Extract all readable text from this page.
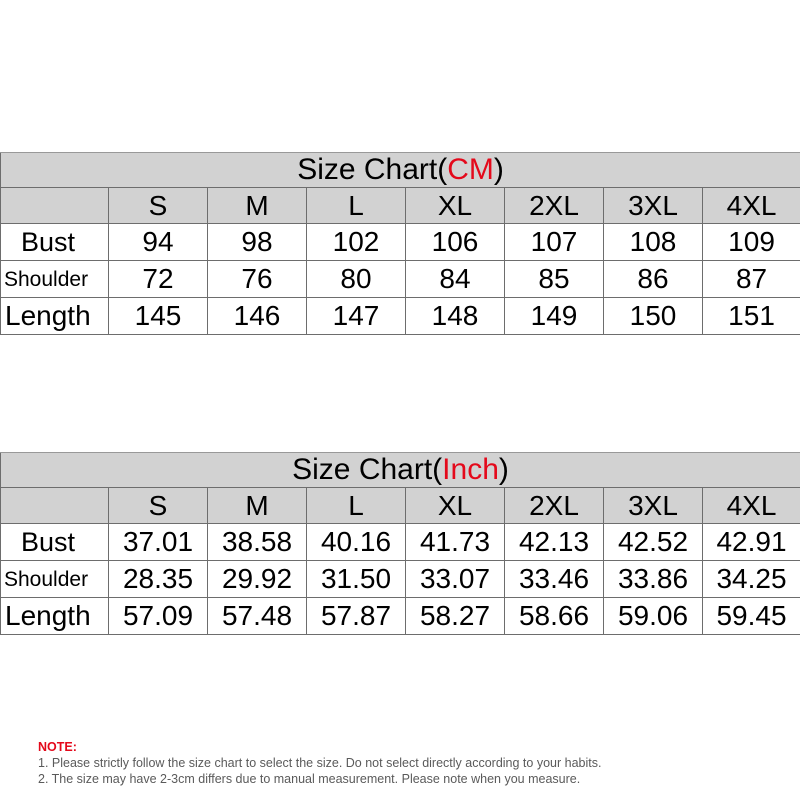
Size Chart(CM)							
	S	M	L	XL	2XL	3XL	4XL
Bust	94	98	102	106	107	108	109
Shoulder	72	76	80	84	85	86	87
Length	145	146	147	148	149	150	151
Size Chart(Inch)							
	S	M	L	XL	2XL	3XL	4XL
Bust	37.01	38.58	40.16	41.73	42.13	42.52	42.91
Shoulder	28.35	29.92	31.50	33.07	33.46	33.86	34.25
Length	57.09	57.48	57.87	58.27	58.66	59.06	59.45
NOTE:
1. Please strictly follow the size chart to select the size. Do not select directly according to your habits.
2. The size may have 2-3cm differs due to manual measurement. Please note when you measure.
